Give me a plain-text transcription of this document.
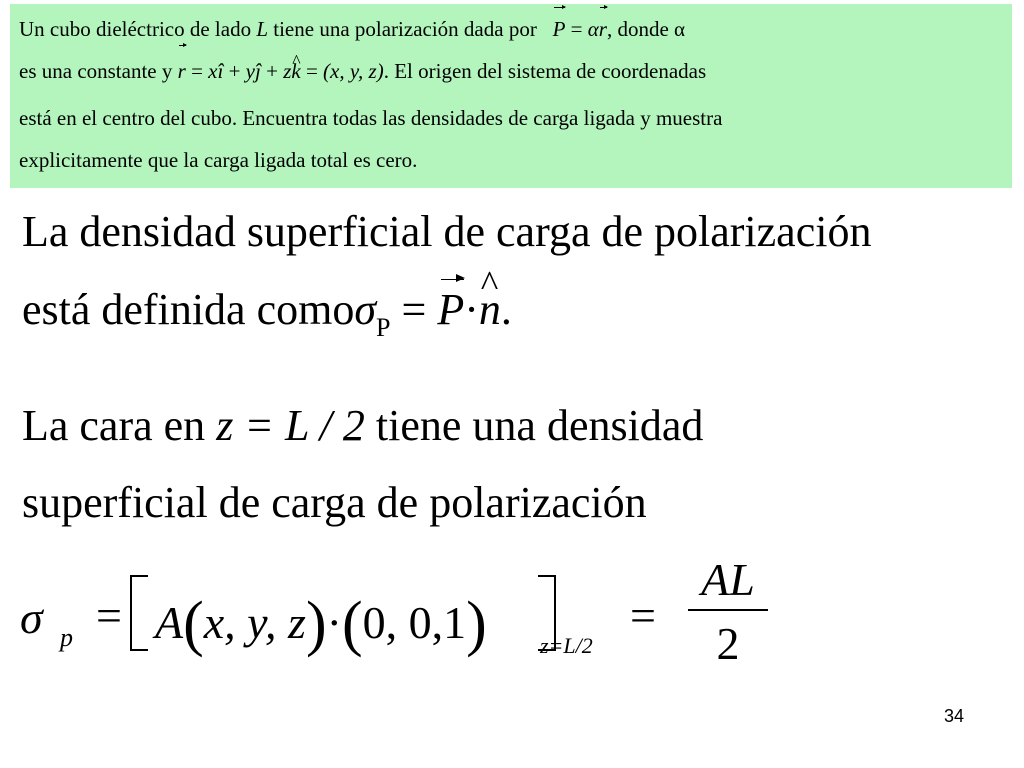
Un cubo dieléctrico de lado L tiene una polarización dada por   P = αr, donde α
es una constante y r = xî + yĵ + z^ k = (x, y, z). El origen del sistema de coordenadas
está en el centro del cubo. Encuentra todas las densidades de carga ligada y muestra
explicitamente que la carga ligada total es cero.
La densidad superficial de carga de polarización
está definida comoσ$_P$ = P·^ n.
La cara en z = L / 2 tiene una densidad
superficial de carga de polarización
σ p = A(x, y, z)·(0, 0,1) z=L/2
=
AL
2
34
